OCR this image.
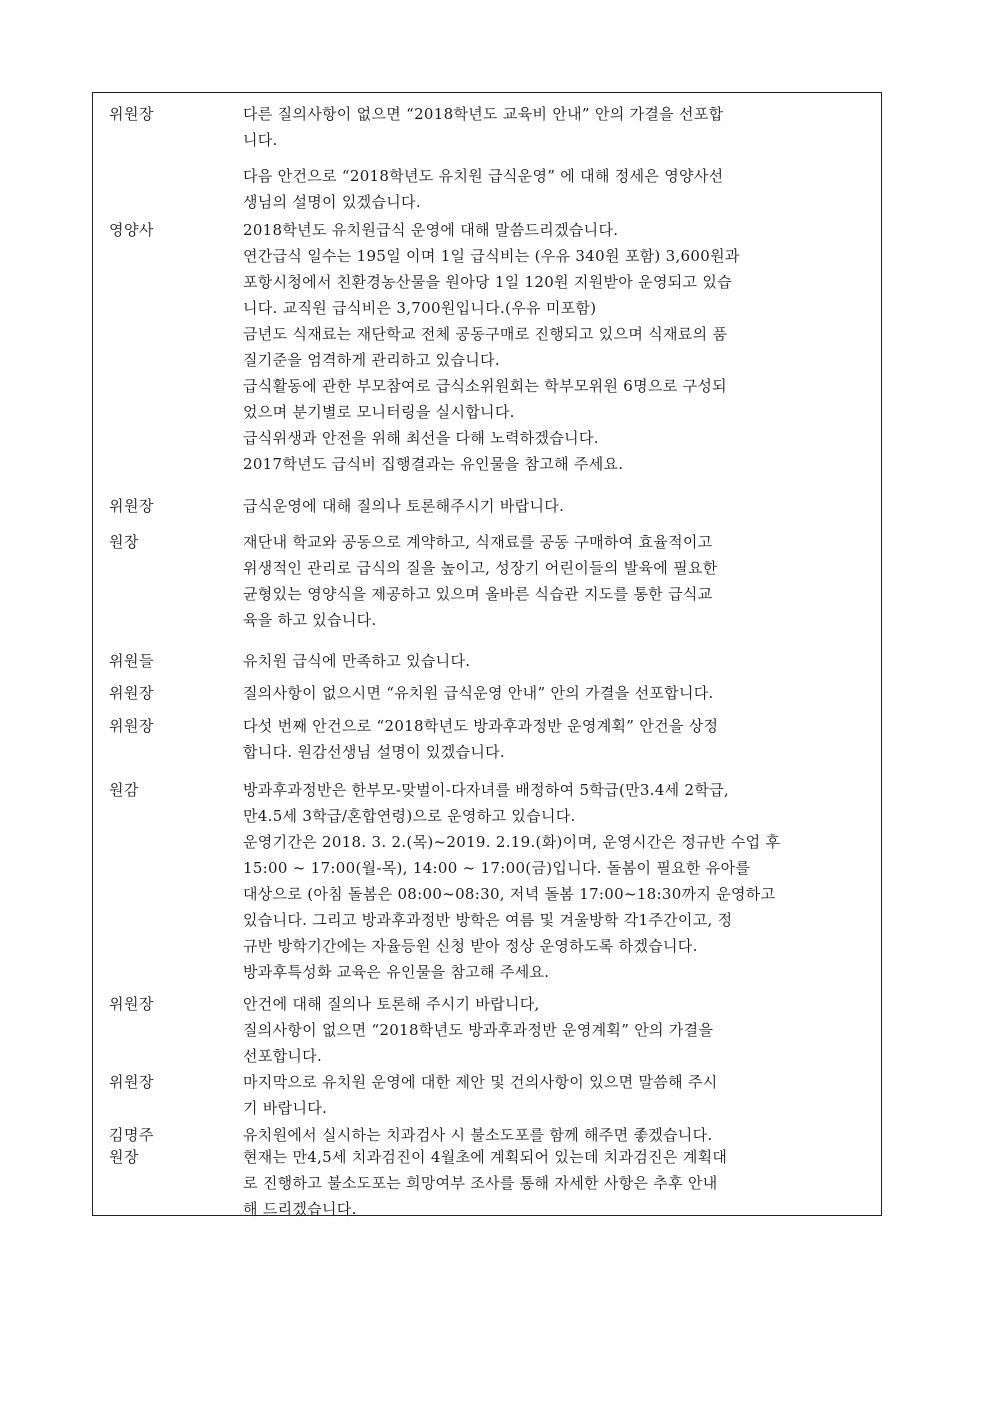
위원장	다른 질의사항이 없으면 “2018학년도 교육비 안내” 안의 가결을 선포합
니다.
다음 안건으로 “2018학년도 유치원 급식운영” 에 대해 정세은 영양사선
생님의 설명이 있겠습니다.
영양사	2018학년도 유치원급식 운영에 대해 말씀드리겠습니다.
연간급식 일수는 195일 이며 1일 급식비는 (우유 340원 포함) 3,600원과
포항시청에서 친환경농산물을 원아당 1일 120원 지원받아 운영되고 있습
니다. 교직원 급식비은 3,700원입니다.(우유 미포함)
금년도 식재료는 재단학교 전체 공동구매로 진행되고 있으며 식재료의 품
질기준을 엄격하게 관리하고 있습니다.
급식활동에 관한 부모참여로 급식소위원회는 학부모위원 6명으로 구성되
었으며 분기별로 모니터링을 실시합니다.
급식위생과 안전을 위해 최선을 다해 노력하겠습니다.
2017학년도 급식비 집행결과는 유인물을 참고해 주세요.
위원장	급식운영에 대해 질의나 토론해주시기 바랍니다.
원장	재단내 학교와 공동으로 계약하고, 식재료를 공동 구매하여 효율적이고
위생적인 관리로 급식의 질을 높이고, 성장기 어린이들의 발육에 필요한
균형있는 영양식을 제공하고 있으며 올바른 식습관 지도를 통한 급식교
육을 하고 있습니다.
위원들	유치원 급식에 만족하고 있습니다.
위원장	질의사항이 없으시면 “유치원 급식운영 안내” 안의 가결을 선포합니다.
위원장	다섯 번째 안건으로 “2018학년도 방과후과정반 운영계획” 안건을 상정
합니다. 원감선생님 설명이 있겠습니다.
원감	방과후과정반은 한부모-맞벌이-다자녀를 배정하여 5학급(만3.4세 2학급,
만4.5세 3학급/혼합연령)으로 운영하고 있습니다.
운영기간은 2018. 3. 2.(목)~2019. 2.19.(화)이며, 운영시간은 정규반 수업 후
15:00 ~ 17:00(월-목), 14:00 ~ 17:00(금)입니다. 돌봄이 필요한 유아를
대상으로 (아침 돌봄은 08:00~08:30, 저녁 돌봄 17:00~18:30까지 운영하고
있습니다. 그리고 방과후과정반 방학은 여름 및 겨울방학 각1주간이고, 정
규반 방학기간에는 자율등원 신청 받아 정상 운영하도록 하겠습니다.
방과후특성화 교육은 유인물을 참고해 주세요.
위원장	안건에 대해 질의나 토론해 주시기 바랍니다,
질의사항이 없으면 “2018학년도 방과후과정반 운영계획” 안의 가결을
선포합니다.
위원장	마지막으로 유치원 운영에 대한 제안 및 건의사항이 있으면 말씀해 주시
기 바랍니다.
김명주	유치원에서 실시하는 치과검사 시 불소도포를 함께 해주면 좋겠습니다.
원장	현재는 만4,5세 치과검진이 4월초에 계획되어 있는데 치과검진은 계획대
로 진행하고 불소도포는 희망여부 조사를 통해 자세한 사항은 추후 안내
해 드리겠습니다.
